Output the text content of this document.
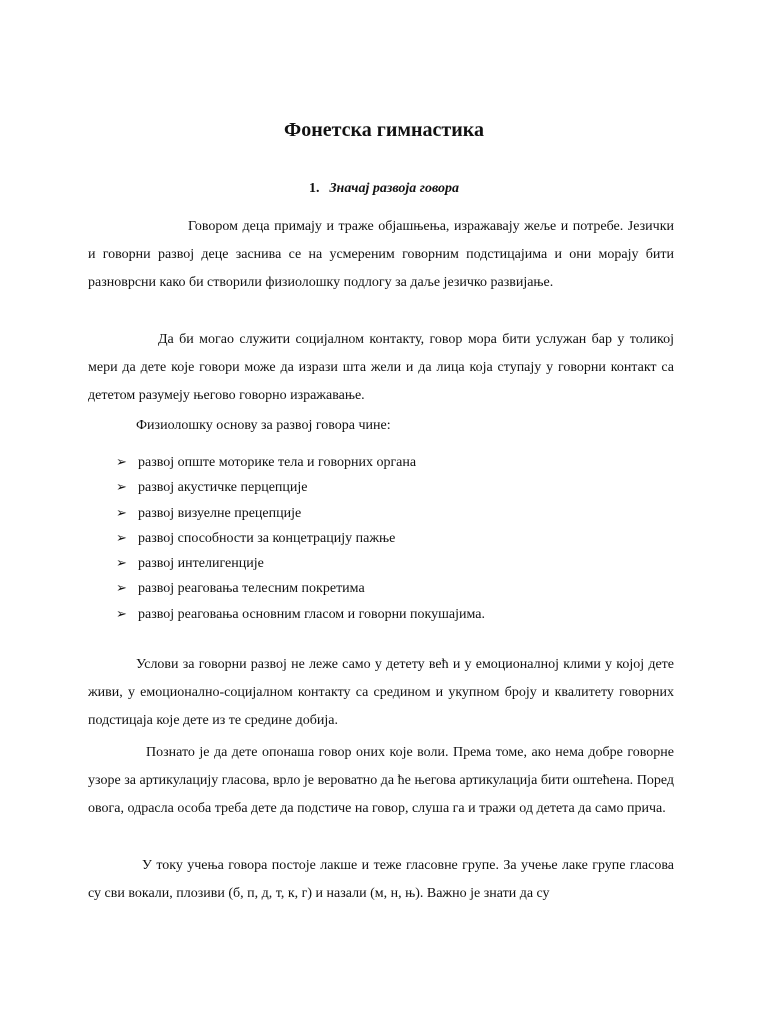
Фонетска гимнастика
1. Значај развоја говора
Говором деца примају и траже објашњења, изражавају жеље и потребе. Језички и говорни развој деце заснива се на усмереним говорним подстицајима и они морају бити разноврсни како би створили физиолошку подлогу за даље језичко развијање.
Да би могао служити социјалном контакту, говор мора бити услужан бар у толикој мери да дете које говори може да изрази шта жели и да лица која ступају у говорни контакт са дететом разумеју његово говорно изражавање.
Физиолошку основу за развој говора чине:
➢ развој опште моторике тела и говорних органа
➢ развој акустичке перцепције
➢ развој визуелне прецепције
➢ развој способности за концетрацију пажње
➢ развој интелигенције
➢ развој реаговања телесним покретима
➢ развој реаговања основним гласом и говорни покушајима.
Услови за говорни развој не леже само у детету већ и у емоционалној клими у којој дете живи, у емоционално-социјалном контакту са средином и укупном броју и квалитету говорних подстицаја које дете из те средине добија.
Познато је да дете опонаша говор оних које воли. Према томе, ако нема добре говорне узоре за артикулацију гласова, врло је вероватно да ће његова артикулација бити оштећена. Поред овога, одрасла особа треба дете да подстиче на говор, слуша га и тражи од детета да само прича.
У току учења говора постоје лакше и теже гласовне групе. За учење лаке групе гласова су сви вокали, плозиви (б, п, д, т, к, г) и назали (м, н, њ). Важно је знати да су
